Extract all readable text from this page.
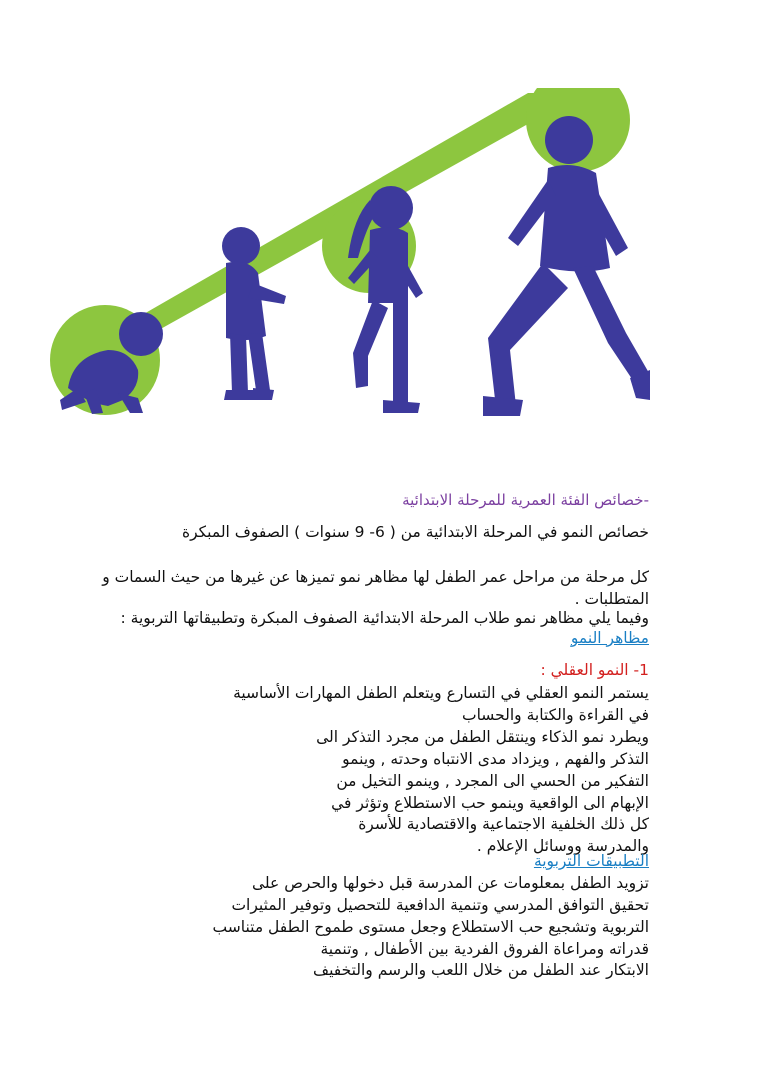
-خصائص الفئة العمرية للمرحلة الابتدائية
خصائص النمو في المرحلة الابتدائية من ( 6- 9 سنوات ) الصفوف المبكرة
كل مرحلة من مراحل عمر الطفل لها مظاهر نمو تميزها عن غيرها من حيث السمات و
المتطلبات .
وفيما يلي مظاهر نمو طلاب المرحلة الابتدائية الصفوف المبكرة وتطبيقاتها التربوية :
مظاهر النمو
1- النمو العقلي :
يستمر النمو العقلي في التسارع ويتعلم الطفل المهارات الأساسية
في القراءة والكتابة والحساب
ويطرد نمو الذكاء وينتقل الطفل من مجرد التذكر الى
التذكر والفهم , ويزداد مدى الانتباه وحدته , وينمو
التفكير من الحسي الى المجرد , وينمو التخيل من
الإبهام الى الواقعية وينمو حب الاستطلاع وتؤثر في
كل ذلك الخلفية الاجتماعية والاقتصادية للأسرة
والمدرسة ووسائل الإعلام .
التطبيقات التربوية
تزويد الطفل بمعلومات عن المدرسة قبل دخولها والحرص على
تحقيق التوافق المدرسي وتنمية الدافعية للتحصيل وتوفير المثيرات
التربوية وتشجيع حب الاستطلاع وجعل مستوى طموح الطفل متناسب
قدراته ومراعاة الفروق الفردية بين الأطفال , وتنمية
الابتكار عند الطفل من خلال اللعب والرسم والتخفيف
